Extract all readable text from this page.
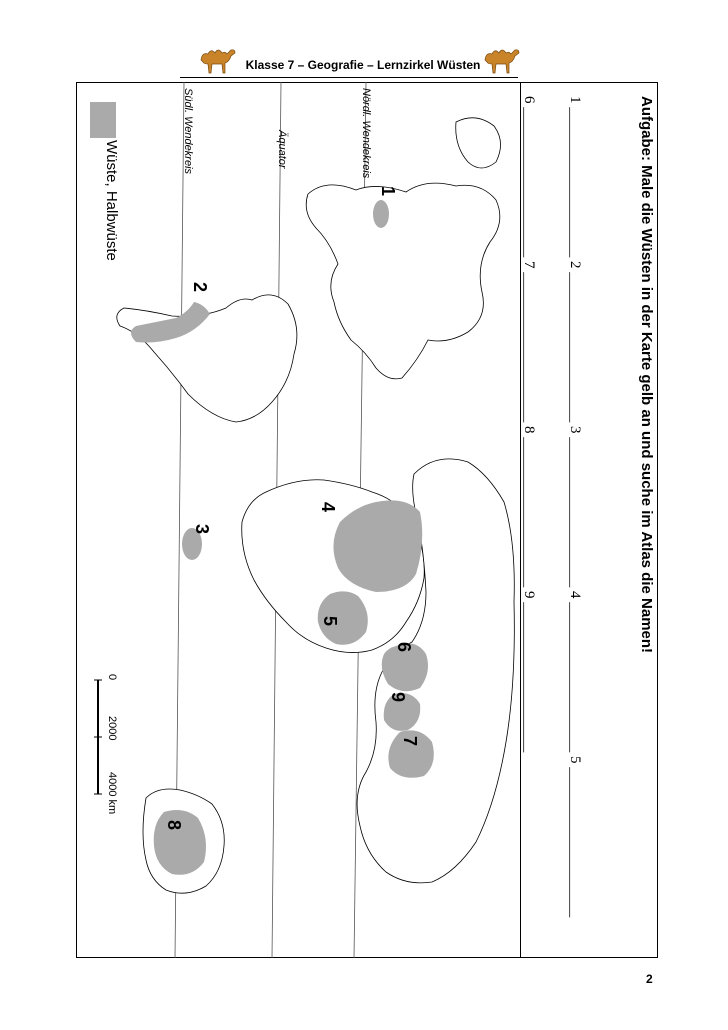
Klasse 7 – Geografie – Lernzirkel Wüsten
Nördl. Wendekreis
Äquator
Südl. Wendekreis
1
2
3
4
5
6
9
7
8
Wüste, Halbwüste
0
2000
4000 km
Aufgabe: Male die Wüsten in der Karte gelb an und suche im Atlas die Namen!
1 ____________________ 2 ____________________ 3 ____________________ 4 ____________________ 5 ____________________
6 ____________________ 7 ____________________ 8 ____________________ 9 ____________________
2
